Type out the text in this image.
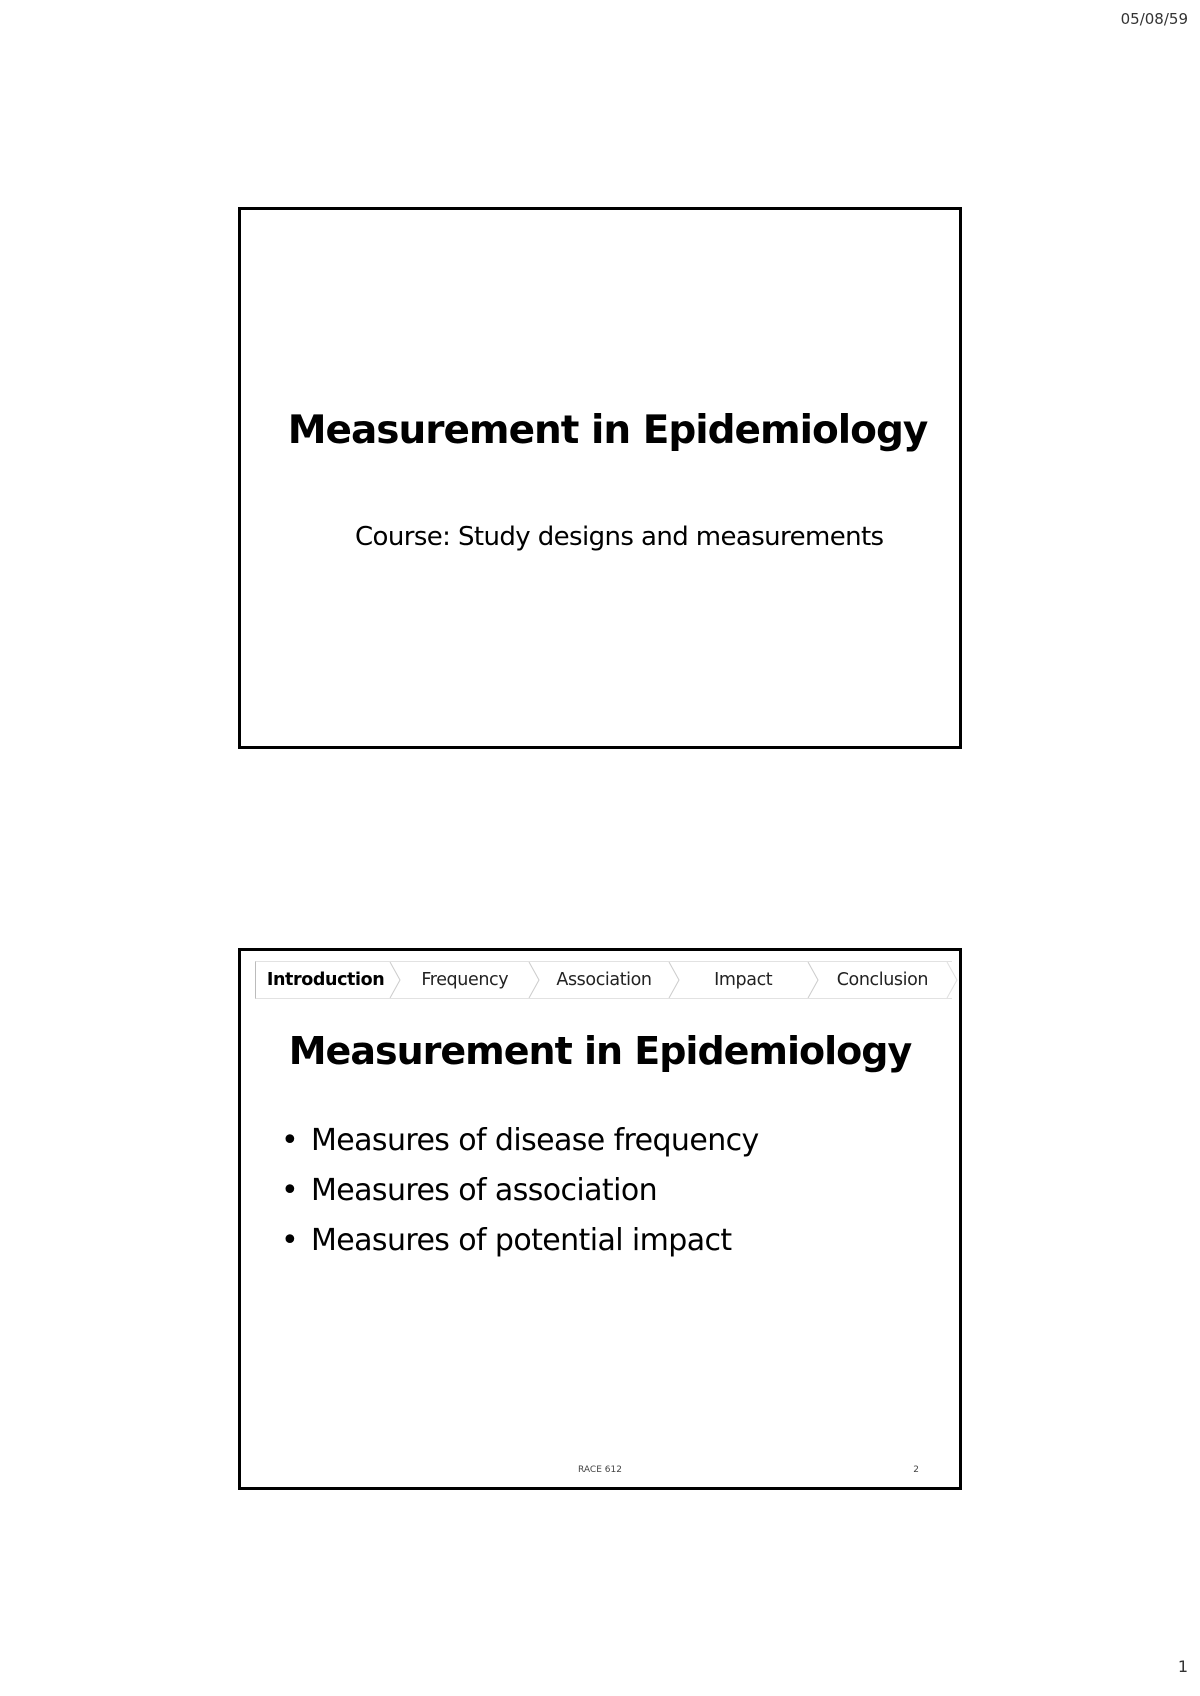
05/08/59
Measurement in Epidemiology
Course: Study designs and measurements
Introduction Frequency	Association	Impact	Conclusion
Measurement in Epidemiology
• Measures of disease frequency
• Measures of association
• Measures of potential impact
RACE 612	2
1
